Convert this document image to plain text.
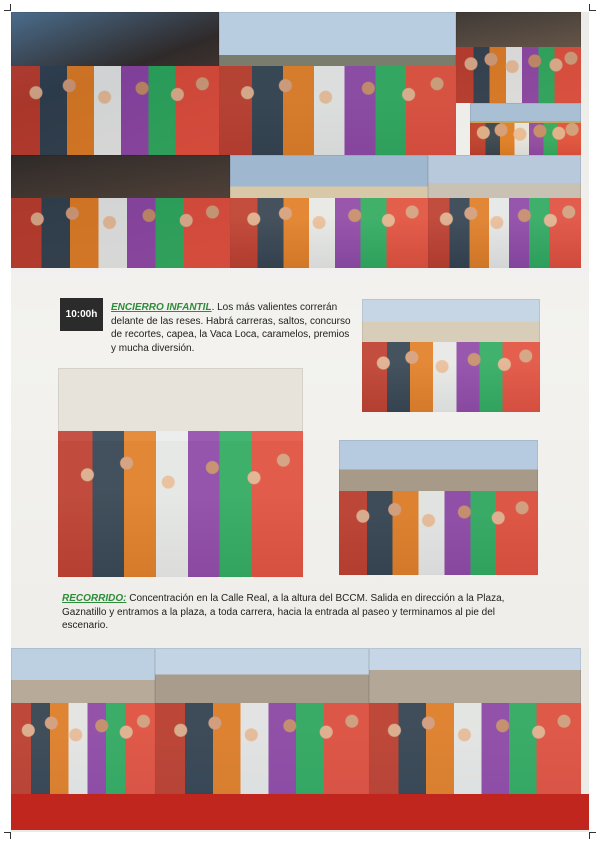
10:00h
ENCIERRO INFANTIL. Los más valientes correrán delante de las reses. Habrá carreras, saltos, concurso de recortes, capea, la Vaca Loca, caramelos, premios y mucha diversión.
RECORRIDO: Concentración en la Calle Real, a la altura del BCCM. Salida en dirección a la Plaza, Gaznatillo y entramos a la plaza, a toda carrera, hacia la entrada al paseo y terminamos al pie del escenario.
